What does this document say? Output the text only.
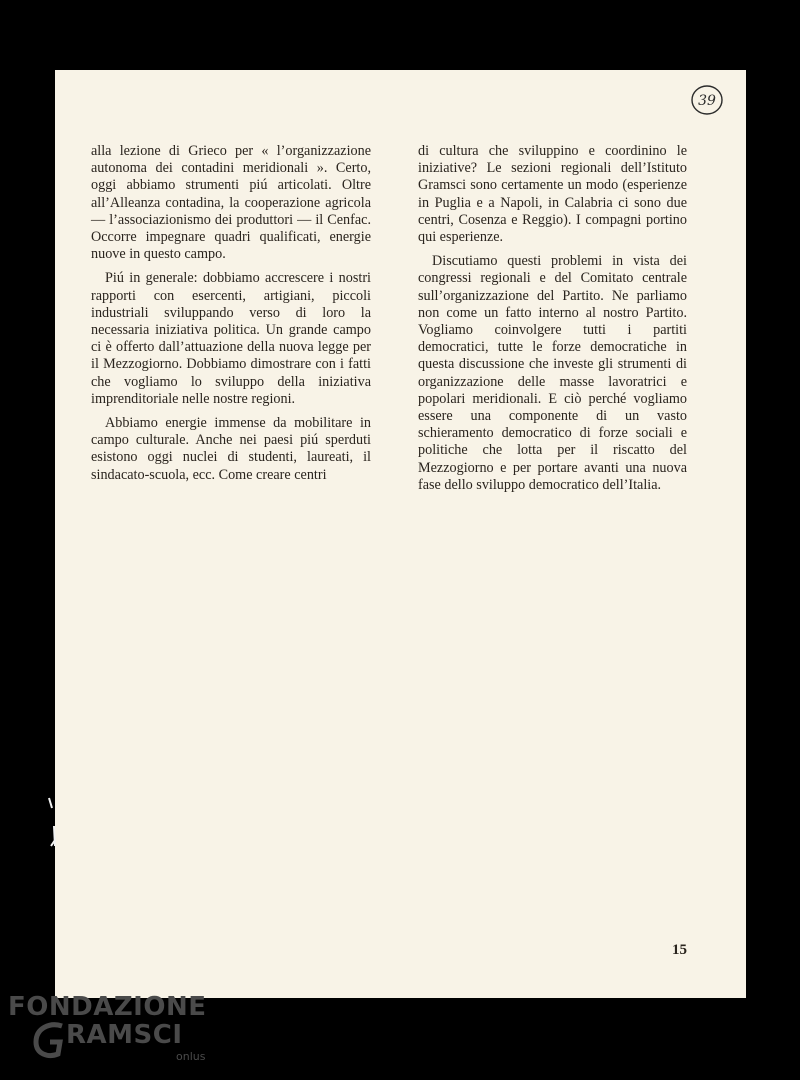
alla lezione di Grieco per « l’organizzazione autonoma dei contadini meridionali ». Certo, oggi abbiamo strumenti piú articolati. Oltre all’Alleanza contadina, la cooperazione agricola — l’associazionismo dei produttori — il Cenfac. Occorre impegnare quadri qualificati, energie nuove in questo campo.

Piú in generale: dobbiamo accrescere i nostri rapporti con esercenti, artigiani, piccoli industriali sviluppando verso di loro la necessaria iniziativa politica. Un grande campo ci è offerto dall’attuazione della nuova legge per il Mezzogiorno. Dobbiamo dimostrare con i fatti che vogliamo lo sviluppo della iniziativa imprenditoriale nelle nostre regioni.

Abbiamo energie immense da mobilitare in campo culturale. Anche nei paesi piú sperduti esistono oggi nuclei di studenti, laureati, il sindacato-scuola, ecc. Come creare centri

di cultura che sviluppino e coordinino le iniziative? Le sezioni regionali dell’Istituto Gramsci sono certamente un modo (esperienze in Puglia e a Napoli, in Calabria ci sono due centri, Cosenza e Reggio). I compagni portino qui esperienze.

Discutiamo questi problemi in vista dei congressi regionali e del Comitato centrale sull’organizzazione del Partito. Ne parliamo non come un fatto interno al nostro Partito. Vogliamo coinvolgere tutti i partiti democratici, tutte le forze democratiche in questa discussione che investe gli strumenti di organizzazione delle masse lavoratrici e popolari meridionali. E ciò perché vogliamo essere una componente di un vasto schieramento democratico di forze sociali e politiche che lotta per il riscatto del Mezzogiorno e per portare avanti una nuova fase dello sviluppo democratico dell’Italia.

15
39
FONDAZIONE
RAMSCI
onlus
